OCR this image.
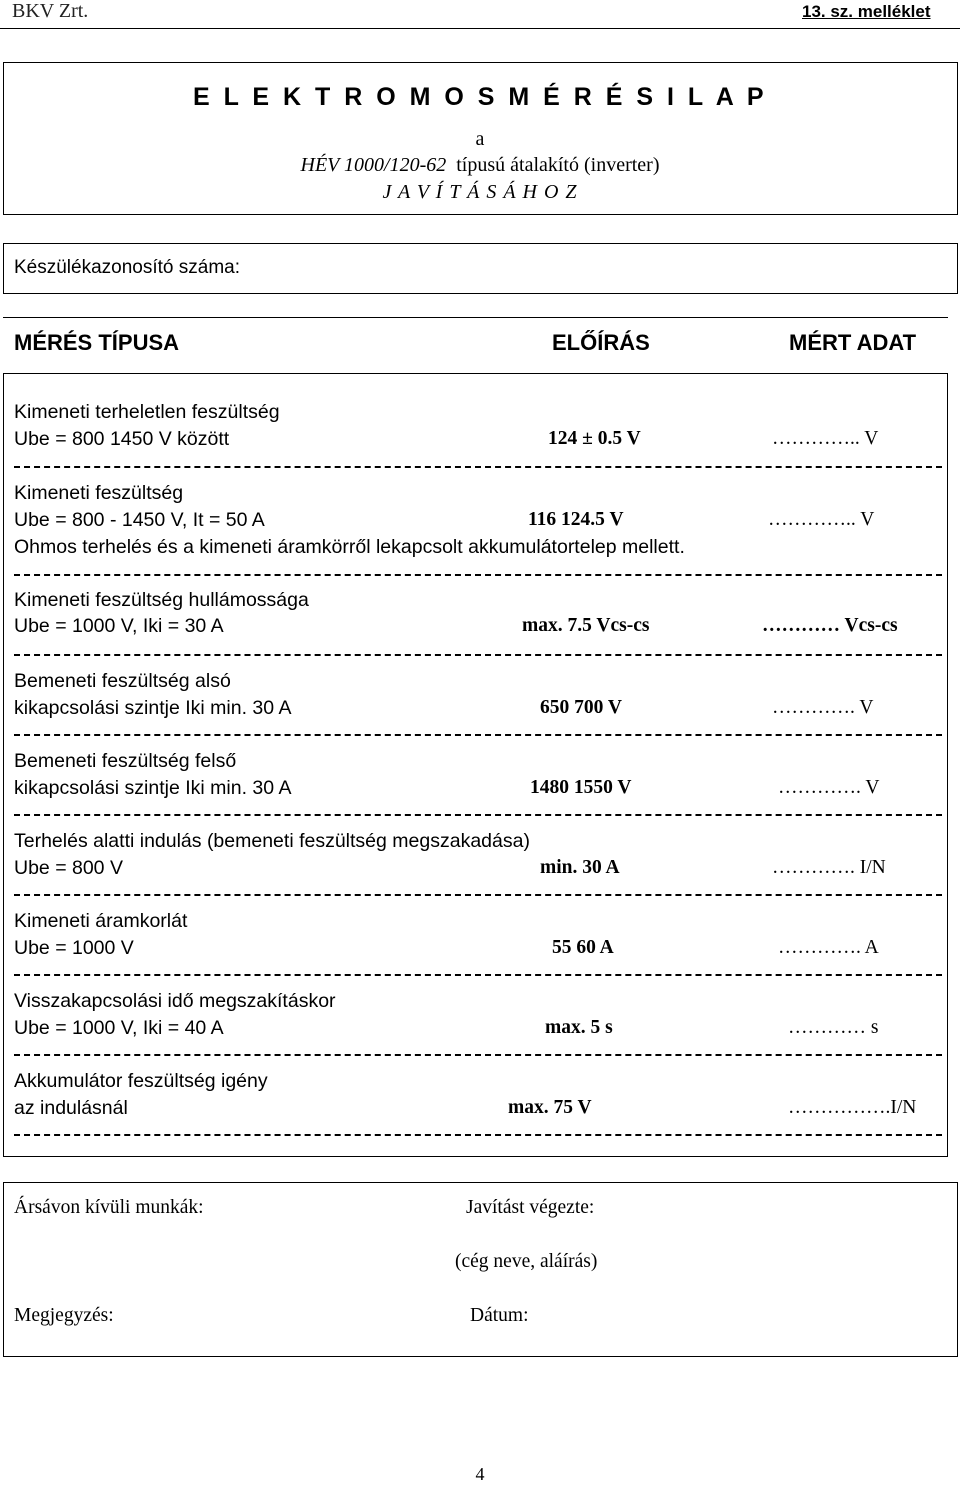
BKV Zrt.	13. sz. melléklet
E L E K T R O M O S M É R É S I L A P
a
HÉV 1000/120-62 típusú átalakító (inverter)
J A V Í T Á S Á H O Z
Készülékazonosító száma:
MÉRÉS TÍPUSA	ELŐÍRÁS	MÉRT ADAT
Kimeneti terheletlen feszültség
Ube = 800 1450 V között	124 ± 0.5 V	………….. V
Kimeneti feszültség
Ube = 800 - 1450 V, It = 50 A	116 124.5 V	………….. V
Ohmos terhelés és a kimeneti áramkörről lekapcsolt akkumulátortelep mellett.
Kimeneti feszültség hullámossága
Ube = 1000 V, Iki = 30 A	max. 7.5 Vcs-cs	………… Vcs-cs
Bemeneti feszültség alsó
kikapcsolási szintje Iki min. 30 A	650 700 V	…………. V
Bemeneti feszültség felső
kikapcsolási szintje Iki min. 30 A	1480 1550 V	…………. V
Terhelés alatti indulás (bemeneti feszültség megszakadása)
Ube = 800 V	min. 30 A	…………. I/N
Kimeneti áramkorlát
Ube = 1000 V	55 60 A	…………. A
Visszakapcsolási idő megszakításkor
Ube = 1000 V, Iki = 40 A	max. 5 s	………… s
Akkumulátor feszültség igény
az indulásnál	max. 75 V	…………….I/N
Ársávon kívüli munkák:	Javítást végezte:
(cég neve, aláírás)
Megjegyzés:	Dátum:
4
